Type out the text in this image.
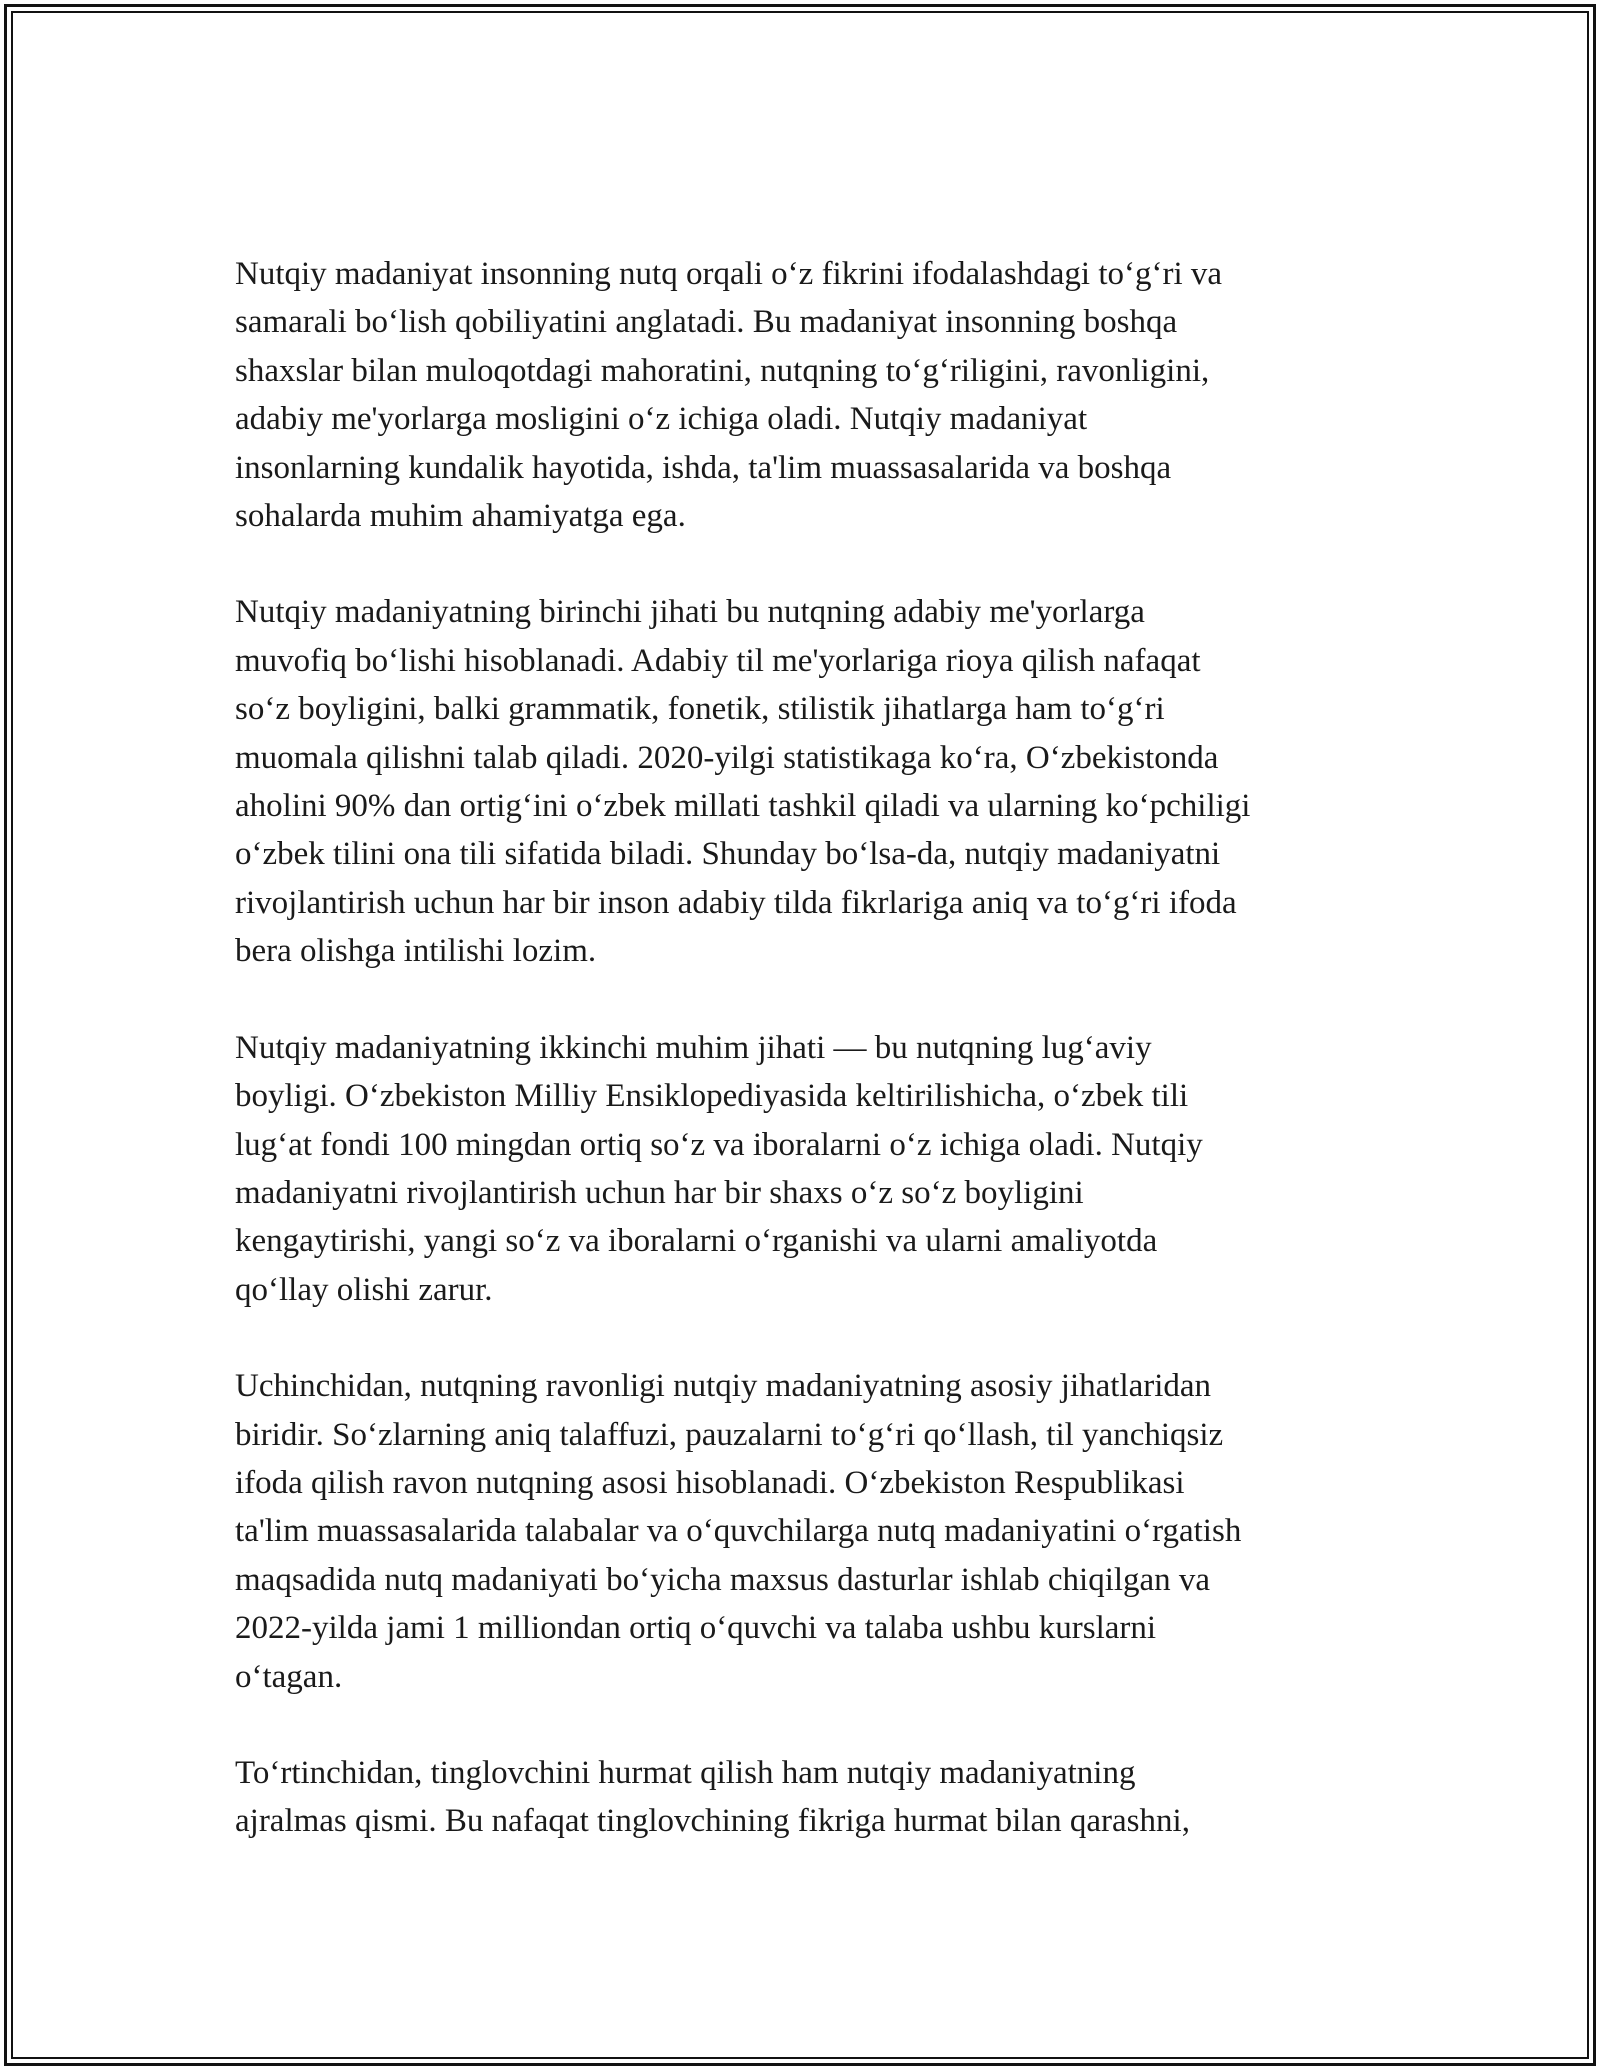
Nutqiy madaniyat insonning nutq orqali o‘z fikrini ifodalashdagi to‘g‘ri va
samarali bo‘lish qobiliyatini anglatadi. Bu madaniyat insonning boshqa
shaxslar bilan muloqotdagi mahoratini, nutqning to‘g‘riligini, ravonligini,
adabiy me'yorlarga mosligini o‘z ichiga oladi. Nutqiy madaniyat
insonlarning kundalik hayotida, ishda, ta'lim muassasalarida va boshqa
sohalarda muhim ahamiyatga ega.

Nutqiy madaniyatning birinchi jihati bu nutqning adabiy me'yorlarga
muvofiq bo‘lishi hisoblanadi. Adabiy til me'yorlariga rioya qilish nafaqat
so‘z boyligini, balki grammatik, fonetik, stilistik jihatlarga ham to‘g‘ri
muomala qilishni talab qiladi. 2020-yilgi statistikaga ko‘ra, O‘zbekistonda
aholini 90% dan ortig‘ini o‘zbek millati tashkil qiladi va ularning ko‘pchiligi
o‘zbek tilini ona tili sifatida biladi. Shunday bo‘lsa-da, nutqiy madaniyatni
rivojlantirish uchun har bir inson adabiy tilda fikrlariga aniq va to‘g‘ri ifoda
bera olishga intilishi lozim.

Nutqiy madaniyatning ikkinchi muhim jihati — bu nutqning lug‘aviy
boyligi. O‘zbekiston Milliy Ensiklopediyasida keltirilishicha, o‘zbek tili
lug‘at fondi 100 mingdan ortiq so‘z va iboralarni o‘z ichiga oladi. Nutqiy
madaniyatni rivojlantirish uchun har bir shaxs o‘z so‘z boyligini
kengaytirishi, yangi so‘z va iboralarni o‘rganishi va ularni amaliyotda
qo‘llay olishi zarur.

Uchinchidan, nutqning ravonligi nutqiy madaniyatning asosiy jihatlaridan
biridir. So‘zlarning aniq talaffuzi, pauzalarni to‘g‘ri qo‘llash, til yanchiqsiz
ifoda qilish ravon nutqning asosi hisoblanadi. O‘zbekiston Respublikasi
ta'lim muassasalarida talabalar va o‘quvchilarga nutq madaniyatini o‘rgatish
maqsadida nutq madaniyati bo‘yicha maxsus dasturlar ishlab chiqilgan va
2022-yilda jami 1 milliondan ortiq o‘quvchi va talaba ushbu kurslarni
o‘tagan.

To‘rtinchidan, tinglovchini hurmat qilish ham nutqiy madaniyatning
ajralmas qismi. Bu nafaqat tinglovchining fikriga hurmat bilan qarashni,
